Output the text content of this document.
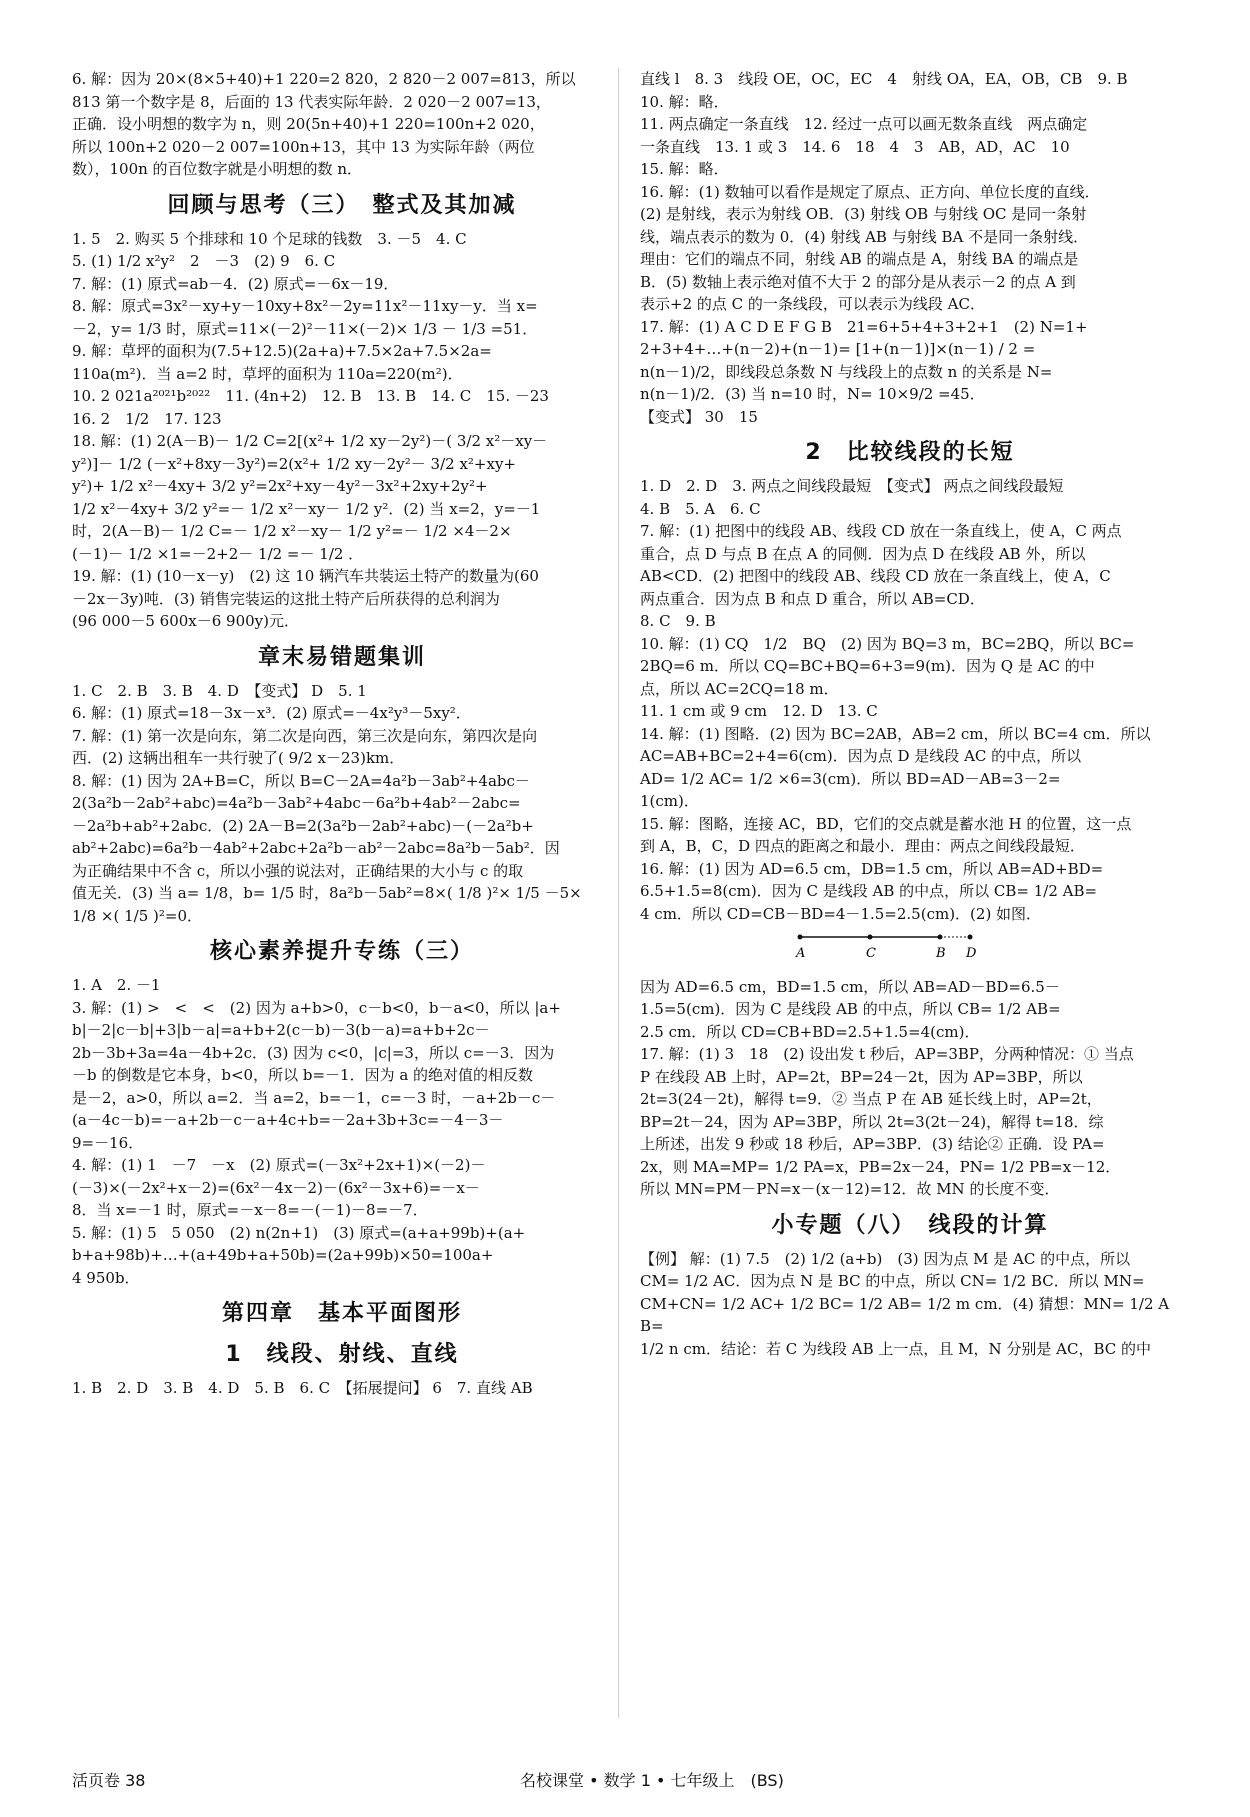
6. 解：因为 20×(8×5+40)+1 220=2 820，2 820－2 007=813，所以

813 第一个数字是 8，后面的 13 代表实际年龄．2 020－2 007=13，

正确．设小明想的数字为 n，则 20(5n+40)+1 220=100n+2 020，

所以 100n+2 020－2 007=100n+13，其中 13 为实际年龄（两位

数），100n 的百位数字就是小明想的数 n．

回顾与思考（三）　整式及其加减

1. 5　2. 购买 5 个排球和 10 个足球的钱数　3. －5　4. C

5. (1) 1/2 x²y²　2　－3　(2) 9　6. C

7. 解：(1) 原式=ab－4．(2) 原式=－6x－19．

8. 解：原式=3x²－xy+y－10xy+8x²－2y=11x²－11xy－y．当 x=

－2，y= 1/3 时，原式=11×(－2)²－11×(－2)× 1/3 － 1/3 =51．

9. 解：草坪的面积为(7.5+12.5)(2a+a)+7.5×2a+7.5×2a=

110a(m²)．当 a=2 时，草坪的面积为 110a=220(m²)．

10. 2 021a²⁰²¹b²⁰²²　11. (4n+2)　12. B　13. B　14. C　15. －23

16. 2　1/2　17. 123

18. 解：(1) 2(A－B)－ 1/2 C=2[(x²+ 1/2 xy－2y²)－( 3/2 x²－xy－

y²)]－ 1/2 (－x²+8xy－3y²)=2(x²+ 1/2 xy－2y²－ 3/2 x²+xy+

y²)+ 1/2 x²－4xy+ 3/2 y²=2x²+xy－4y²－3x²+2xy+2y²+

1/2 x²－4xy+ 3/2 y²=－ 1/2 x²－xy－ 1/2 y²．(2) 当 x=2，y=－1

时，2(A－B)－ 1/2 C=－ 1/2 x²－xy－ 1/2 y²=－ 1/2 ×4－2×

(－1)－ 1/2 ×1=－2+2－ 1/2 =－ 1/2 ．

19. 解：(1) (10－x－y)　(2) 这 10 辆汽车共装运土特产的数量为(60

－2x－3y)吨．(3) 销售完装运的这批土特产后所获得的总利润为

(96 000－5 600x－6 900y)元．

章末易错题集训

1. C　2. B　3. B　4. D　【变式】 D　5. 1

6. 解：(1) 原式=18－3x－x³．(2) 原式=－4x²y³－5xy²．

7. 解：(1) 第一次是向东，第二次是向西，第三次是向东，第四次是向

西．(2) 这辆出租车一共行驶了( 9/2 x－23)km．

8. 解：(1) 因为 2A+B=C，所以 B=C－2A=4a²b－3ab²+4abc－

2(3a²b－2ab²+abc)=4a²b－3ab²+4abc－6a²b+4ab²－2abc=

－2a²b+ab²+2abc．(2) 2A－B=2(3a²b－2ab²+abc)－(－2a²b+

ab²+2abc)=6a²b－4ab²+2abc+2a²b－ab²－2abc=8a²b－5ab²．因

为正确结果中不含 c，所以小强的说法对，正确结果的大小与 c 的取

值无关．(3) 当 a= 1/8，b= 1/5 时，8a²b－5ab²=8×( 1/8 )²× 1/5 －5×

1/8 ×( 1/5 )²=0．

核心素养提升专练（三）

1. A　2. －1

3. 解：(1) >　<　<　(2) 因为 a+b>0，c－b<0，b－a<0，所以 |a+

b|－2|c－b|+3|b－a|=a+b+2(c－b)－3(b－a)=a+b+2c－

2b－3b+3a=4a－4b+2c．(3) 因为 c<0，|c|=3，所以 c=－3．因为

－b 的倒数是它本身，b<0，所以 b=－1．因为 a 的绝对值的相反数

是－2，a>0，所以 a=2．当 a=2，b=－1，c=－3 时，－a+2b－c－

(a－4c－b)=－a+2b－c－a+4c+b=－2a+3b+3c=－4－3－

9=－16．

4. 解：(1) 1　－7　－x　(2) 原式=(－3x²+2x+1)×(－2)－

(－3)×(－2x²+x－2)=(6x²－4x－2)－(6x²－3x+6)=－x－

8．当 x=－1 时，原式=－x－8=－(－1)－8=－7．

5. 解：(1) 5　5 050　(2) n(2n+1)　(3) 原式=(a+a+99b)+(a+

b+a+98b)+…+(a+49b+a+50b)=(2a+99b)×50=100a+

4 950b．

第四章　基本平面图形
1　线段、射线、直线

1. B　2. D　3. B　4. D　5. B　6. C　【拓展提问】 6　7. 直线 AB

直线 l　8. 3　线段 OE，OC，EC　4　射线 OA，EA，OB，CB　9. B

10. 解：略．

11. 两点确定一条直线　12. 经过一点可以画无数条直线　两点确定

一条直线　13. 1 或 3　14. 6　18　4　3　AB，AD，AC　10

15. 解：略．

16. 解：(1) 数轴可以看作是规定了原点、正方向、单位长度的直线．

(2) 是射线，表示为射线 OB．(3) 射线 OB 与射线 OC 是同一条射

线，端点表示的数为 0．(4) 射线 AB 与射线 BA 不是同一条射线．

理由：它们的端点不同，射线 AB 的端点是 A，射线 BA 的端点是

B．(5) 数轴上表示绝对值不大于 2 的部分是从表示－2 的点 A 到

表示+2 的点 C 的一条线段，可以表示为线段 AC．

17. 解：(1) A C D E F G B　21=6+5+4+3+2+1　(2) N=1+

2+3+4+…+(n－2)+(n－1)= [1+(n－1)]×(n－1) / 2 =

n(n－1)/2，即线段总条数 N 与线段上的点数 n 的关系是 N=

n(n－1)/2．(3) 当 n=10 时，N= 10×9/2 =45．

【变式】 30　15

2　比较线段的长短

1. D　2. D　3. 两点之间线段最短　【变式】 两点之间线段最短

4. B　5. A　6. C

7. 解：(1) 把图中的线段 AB、线段 CD 放在一条直线上，使 A，C 两点

重合，点 D 与点 B 在点 A 的同侧．因为点 D 在线段 AB 外，所以

AB<CD．(2) 把图中的线段 AB、线段 CD 放在一条直线上，使 A，C

两点重合．因为点 B 和点 D 重合，所以 AB=CD．

8. C　9. B

10. 解：(1) CQ　1/2　BQ　(2) 因为 BQ=3 m，BC=2BQ，所以 BC=

2BQ=6 m．所以 CQ=BC+BQ=6+3=9(m)．因为 Q 是 AC 的中

点，所以 AC=2CQ=18 m．

11. 1 cm 或 9 cm　12. D　13. C

14. 解：(1) 图略．(2) 因为 BC=2AB，AB=2 cm，所以 BC=4 cm．所以

AC=AB+BC=2+4=6(cm)．因为点 D 是线段 AC 的中点，所以

AD= 1/2 AC= 1/2 ×6=3(cm)．所以 BD=AD－AB=3－2=

1(cm)．

15. 解：图略，连接 AC，BD，它们的交点就是蓄水池 H 的位置，这一点

到 A，B，C，D 四点的距离之和最小．理由：两点之间线段最短．

16. 解：(1) 因为 AD=6.5 cm，DB=1.5 cm，所以 AB=AD+BD=

6.5+1.5=8(cm)．因为 C 是线段 AB 的中点，所以 CB= 1/2 AB=

4 cm．所以 CD=CB－BD=4－1.5=2.5(cm)．(2) 如图．

A	C	B D

因为 AD=6.5 cm，BD=1.5 cm，所以 AB=AD－BD=6.5－

1.5=5(cm)．因为 C 是线段 AB 的中点，所以 CB= 1/2 AB=

2.5 cm．所以 CD=CB+BD=2.5+1.5=4(cm)．

17. 解：(1) 3　18　(2) 设出发 t 秒后，AP=3BP，分两种情况：① 当点

P 在线段 AB 上时，AP=2t，BP=24－2t，因为 AP=3BP，所以

2t=3(24－2t)，解得 t=9．② 当点 P 在 AB 延长线上时，AP=2t，

BP=2t－24，因为 AP=3BP，所以 2t=3(2t－24)，解得 t=18．综

上所述，出发 9 秒或 18 秒后，AP=3BP．(3) 结论② 正确．设 PA=

2x，则 MA=MP= 1/2 PA=x，PB=2x－24，PN= 1/2 PB=x－12．

所以 MN=PM－PN=x－(x－12)=12．故 MN 的长度不变．

小专题（八）　线段的计算

【例】 解：(1) 7.5　(2) 1/2 (a+b)　(3) 因为点 M 是 AC 的中点，所以

CM= 1/2 AC．因为点 N 是 BC 的中点，所以 CN= 1/2 BC．所以 MN=

CM+CN= 1/2 AC+ 1/2 BC= 1/2 AB= 1/2 m cm．(4) 猜想：MN= 1/2 AB=

1/2 n cm．结论：若 C 为线段 AB 上一点，且 M，N 分别是 AC，BC 的中

活页卷 38	名校课堂 • 数学 1 • 七年级上　(BS)
